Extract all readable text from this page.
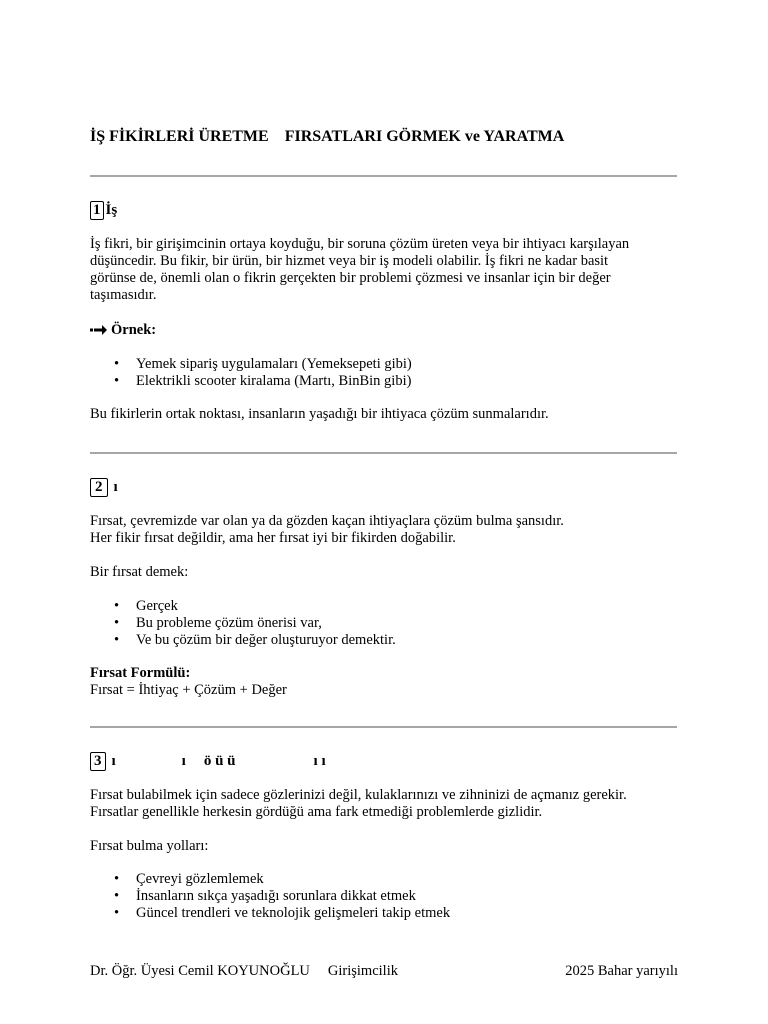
İŞ FİKİRLERİ ÜRETME FIRSATLARI GÖRMEK ve YARATMA
1 İş
İş fikri, bir girişimcinin ortaya koyduğu, bir soruna çözüm üreten veya bir ihtiyacı karşılayan
düşüncedir. Bu fikir, bir ürün, bir hizmet veya bir iş modeli olabilir. İş fikri ne kadar basit
görünse de, önemli olan o fikrin gerçekten bir problemi çözmesi ve insanlar için bir değer
taşımasıdır.
Örnek:
• Yemek sipariş uygulamaları (Yemeksepeti gibi)
• Elektrikli scooter kiralama (Martı, BinBin gibi)
Bu fikirlerin ortak noktası, insanların yaşadığı bir ihtiyaca çözüm sunmalarıdır.
2 ı
Fırsat, çevremizde var olan ya da gözden kaçan ihtiyaçlara çözüm bulma şansıdır.
Her fikir fırsat değildir, ama her fırsat iyi bir fikirden doğabilir.
Bir fırsat demek:
• Gerçek
• Bu probleme çözüm önerisi var,
• Ve bu çözüm bir değer oluşturuyor demektir.
Fırsat Formülü:
Fırsat = İhtiyaç + Çözüm + Değer
3 ı	ı ö ü ü	ı ı
Fırsat bulabilmek için sadece gözlerinizi değil, kulaklarınızı ve zihninizi de açmanız gerekir.
Fırsatlar genellikle herkesin gördüğü ama fark etmediği problemlerde gizlidir.
Fırsat bulma yolları:
• Çevreyi gözlemlemek
• İnsanların sıkça yaşadığı sorunlara dikkat etmek
• Güncel trendleri ve teknolojik gelişmeleri takip etmek
Dr. Öğr. Üyesi Cemil KOYUNOĞLU Girişimcilik	2025 Bahar yarıyılı
